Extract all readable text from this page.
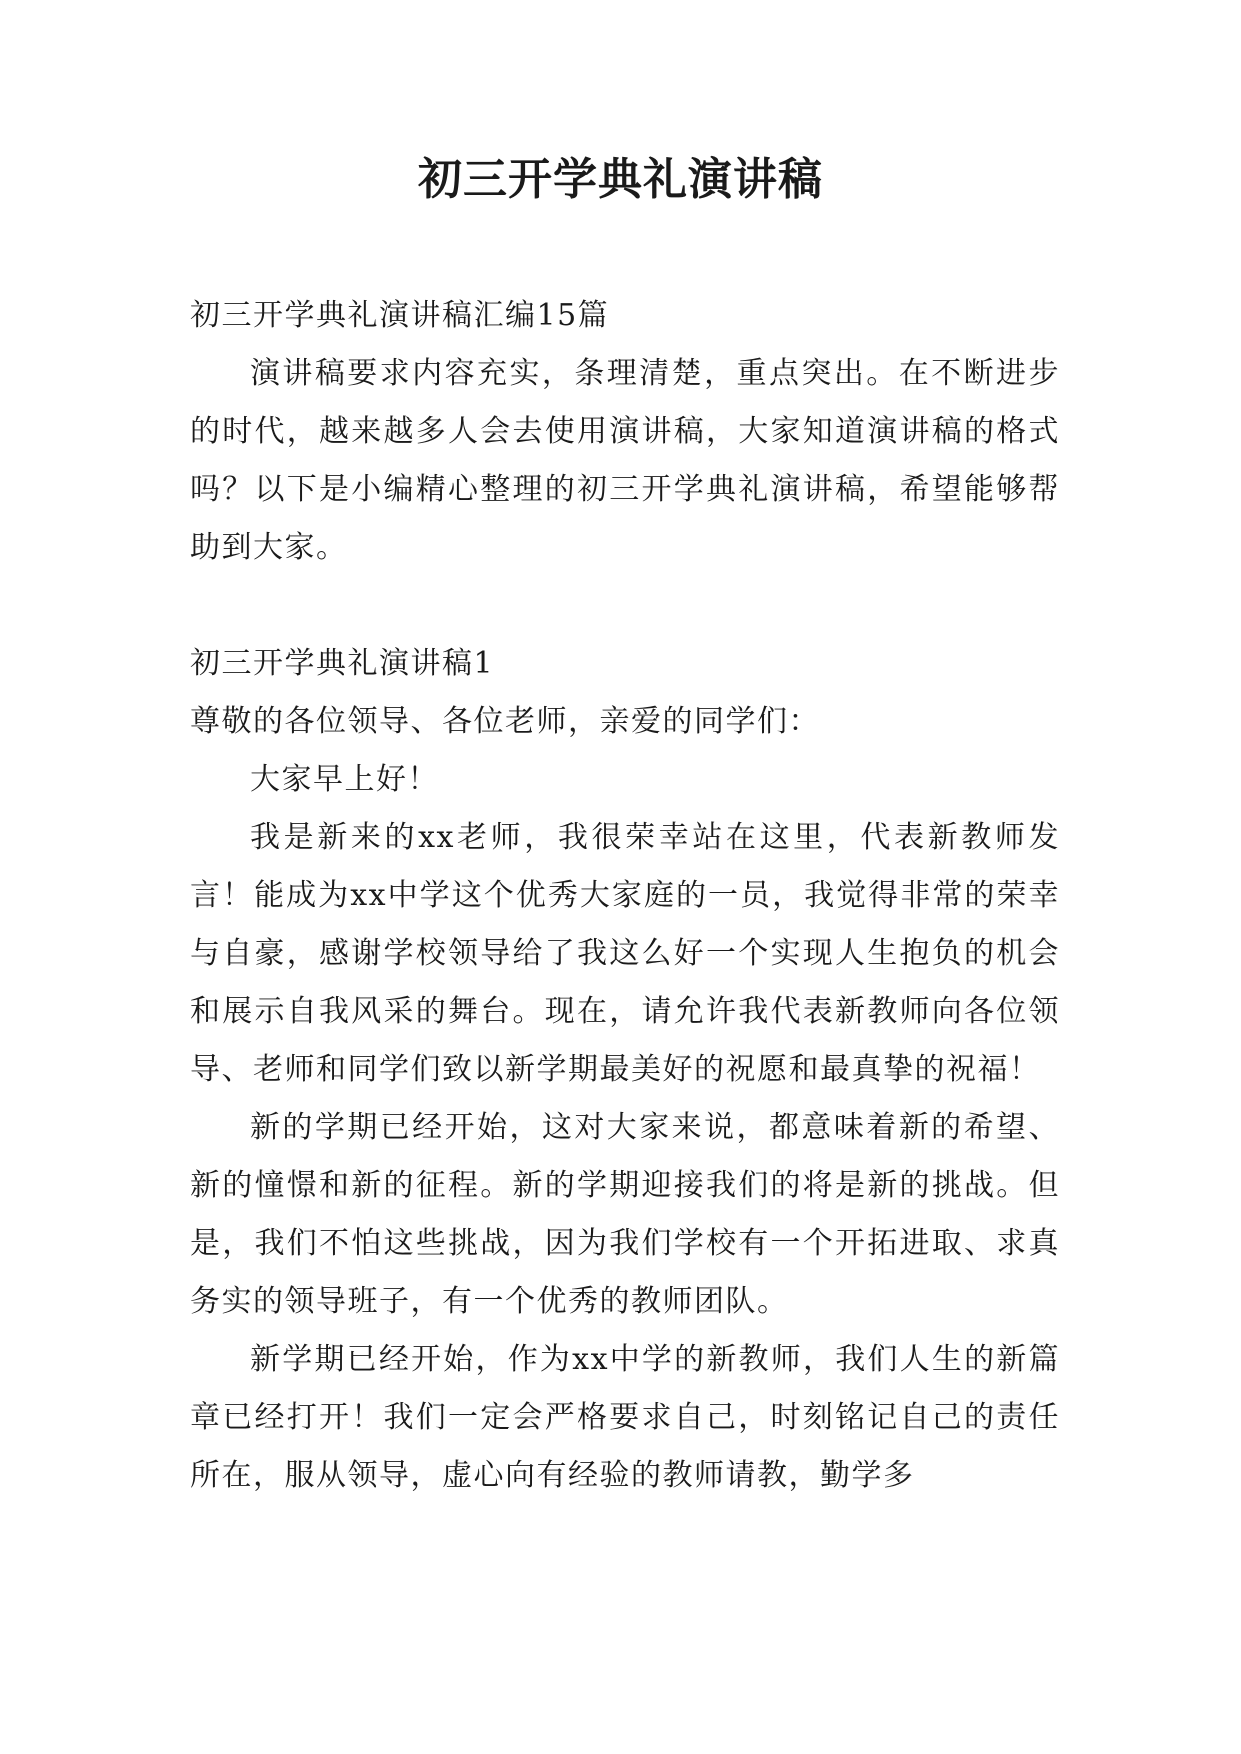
初三开学典礼演讲稿

初三开学典礼演讲稿汇编15篇

演讲稿要求内容充实，条理清楚，重点突出。在不断进步的时代，越来越多人会去使用演讲稿，大家知道演讲稿的格式吗？以下是小编精心整理的初三开学典礼演讲稿，希望能够帮助到大家。

初三开学典礼演讲稿1

尊敬的各位领导、各位老师，亲爱的同学们：

大家早上好！

我是新来的xx老师，我很荣幸站在这里，代表新教师发言！能成为xx中学这个优秀大家庭的一员，我觉得非常的荣幸与自豪，感谢学校领导给了我这么好一个实现人生抱负的机会和展示自我风采的舞台。现在，请允许我代表新教师向各位领导、老师和同学们致以新学期最美好的祝愿和最真挚的祝福！

新的学期已经开始，这对大家来说，都意味着新的希望、新的憧憬和新的征程。新的学期迎接我们的将是新的挑战。但是，我们不怕这些挑战，因为我们学校有一个开拓进取、求真务实的领导班子，有一个优秀的教师团队。

新学期已经开始，作为xx中学的新教师，我们人生的新篇章已经打开！我们一定会严格要求自己，时刻铭记自己的责任所在，服从领导，虚心向有经验的教师请教，勤学多
